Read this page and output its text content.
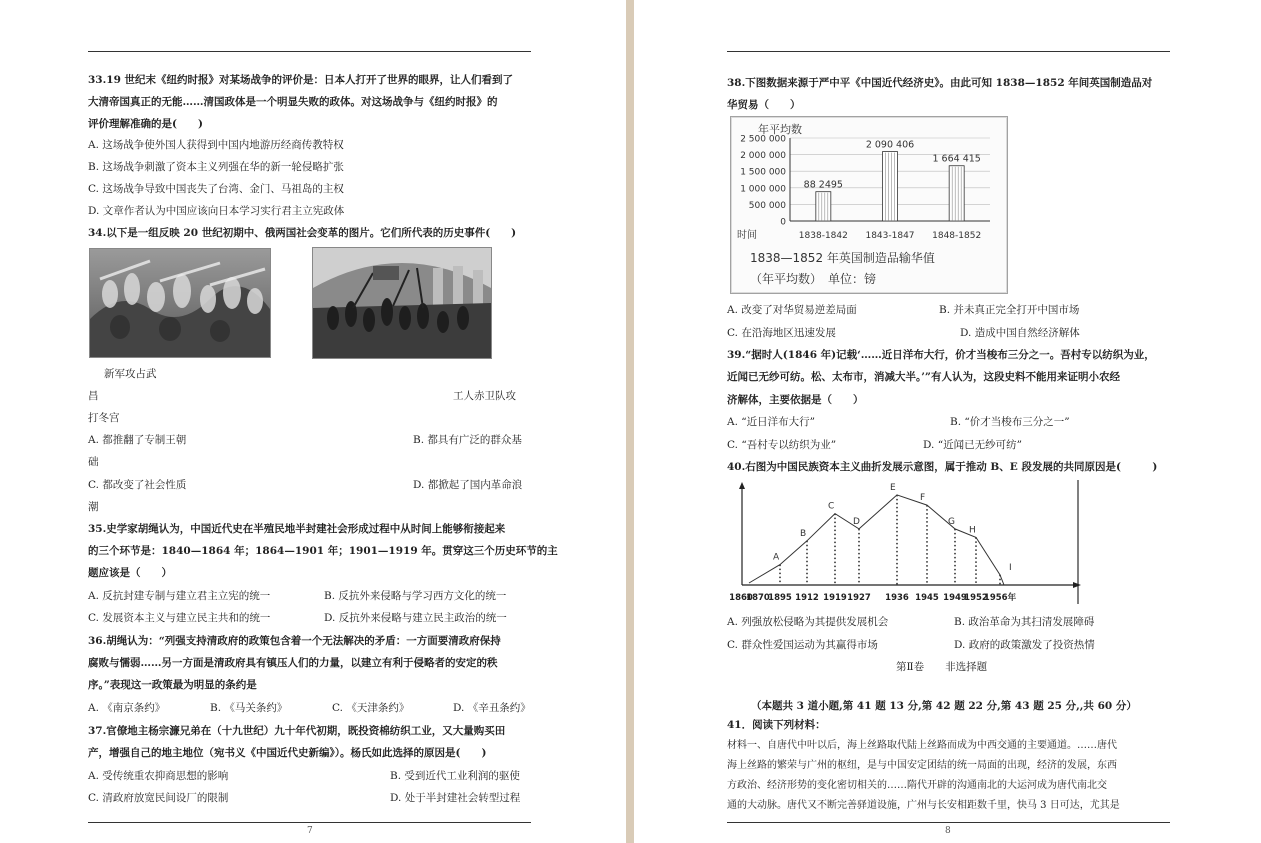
33.19 世纪末《纽约时报》对某场战争的评价是：日本人打开了世界的眼界，让人们看到了
大清帝国真正的无能……清国政体是一个明显失败的政体。对这场战争与《纽约时报》的
评价理解准确的是(　　)
A. 这场战争使外国人获得到中国内地游历经商传教特权
B. 这场战争刺激了资本主义列强在华的新一轮侵略扩张
C. 这场战争导致中国丧失了台湾、金门、马祖岛的主权
D. 文章作者认为中国应该向日本学习实行君主立宪政体
34.以下是一组反映 20 世纪初期中、俄两国社会变革的图片。它们所代表的历史事件(　　)
新军攻占武
昌	工人赤卫队攻
打冬宫
A. 都推翻了专制王朝	B. 都具有广泛的群众基
础
C. 都改变了社会性质	D. 都掀起了国内革命浪
潮
35.史学家胡绳认为，中国近代史在半殖民地半封建社会形成过程中从时间上能够衔接起来
的三个环节是：1840—1864 年；1864—1901 年；1901—1919 年。贯穿这三个历史环节的主
题应该是（　　）
A. 反抗封建专制与建立君主立宪的统一	B. 反抗外来侵略与学习西方文化的统一
C. 发展资本主义与建立民主共和的统一	D. 反抗外来侵略与建立民主政治的统一
36.胡绳认为：“列强支持清政府的政策包含着一个无法解决的矛盾：一方面要清政府保持
腐败与懦弱……另一方面是清政府具有镇压人们的力量，以建立有利于侵略者的安定的秩
序。”表现这一政策最为明显的条约是
A. 《南京条约》	B. 《马关条约》	C. 《天津条约》	D. 《辛丑条约》
37.官僚地主杨宗濂兄弟在（十九世纪）九十年代初期，既投资棉纺织工业，又大量购买田
产，增强自己的地主地位（宛书义《中国近代史新编》）。杨氏如此选择的原因是(　　)
A. 受传统重农抑商思想的影响	B. 受到近代工业利润的驱使
C. 清政府放宽民间设厂的限制	D. 处于半封建社会转型过程
7
38.下图数据来源于严中平《中国近代经济史》。由此可知 1838—1852 年间英国制造品对
华贸易（　　）
年平均数
2 500 000
2 000 000
1 500 000
1 000 000
500 000
0
88 2495
2 090 406
1 664 415
时间	1838-1842 1843-1847 1848-1852
1838—1852 年英国制造品输华值
（年平均数）　单位：镑
A. 改变了对华贸易逆差局面	B. 并未真正完全打开中国市场
C. 在沿海地区迅速发展	D. 造成中国自然经济解体
39.“据时人(1846 年)记载‘……近日洋布大行，价才当梭布三分之一。吾村专以纺织为业，
近闻已无纱可纺。松、太布市，消减大半。’”有人认为，这段史料不能用来证明小农经
济解体，主要依据是（　　）
A. “近日洋布大行”	B. “价才当梭布三分之一”
C. “吾村专以纺织为业”	D. “近闻已无纱可纺”
40.右图为中国民族资本主义曲折发展示意图，属于推动 B、E 段发展的共同原因是(　　　)
A
B
C
D
E
F
G
H
I
1860
1870
1895 1912 1919 1927 1936 1945 1949
1952
1956年
A. 列强放松侵略为其提供发展机会	B. 政治革命为其扫清发展障碍
C. 群众性爱国运动为其赢得市场	D. 政府的政策激发了投资热情
第Ⅱ卷　　非选择题
（本题共 3 道小题,第 41 题 13 分,第 42 题 22 分,第 43 题 25 分,,共 60 分）
41．阅读下列材料：
材料一、自唐代中叶以后，海上丝路取代陆上丝路而成为中西交通的主要通道。……唐代
海上丝路的繁荣与广州的枢纽，是与中国安定团结的统一局面的出现，经济的发展，东西
方政治、经济形势的变化密切相关的……隋代开辟的沟通南北的大运河成为唐代南北交
通的大动脉。唐代又不断完善驿道设施，广州与长安相距数千里，快马 3 日可达，尤其是
8
